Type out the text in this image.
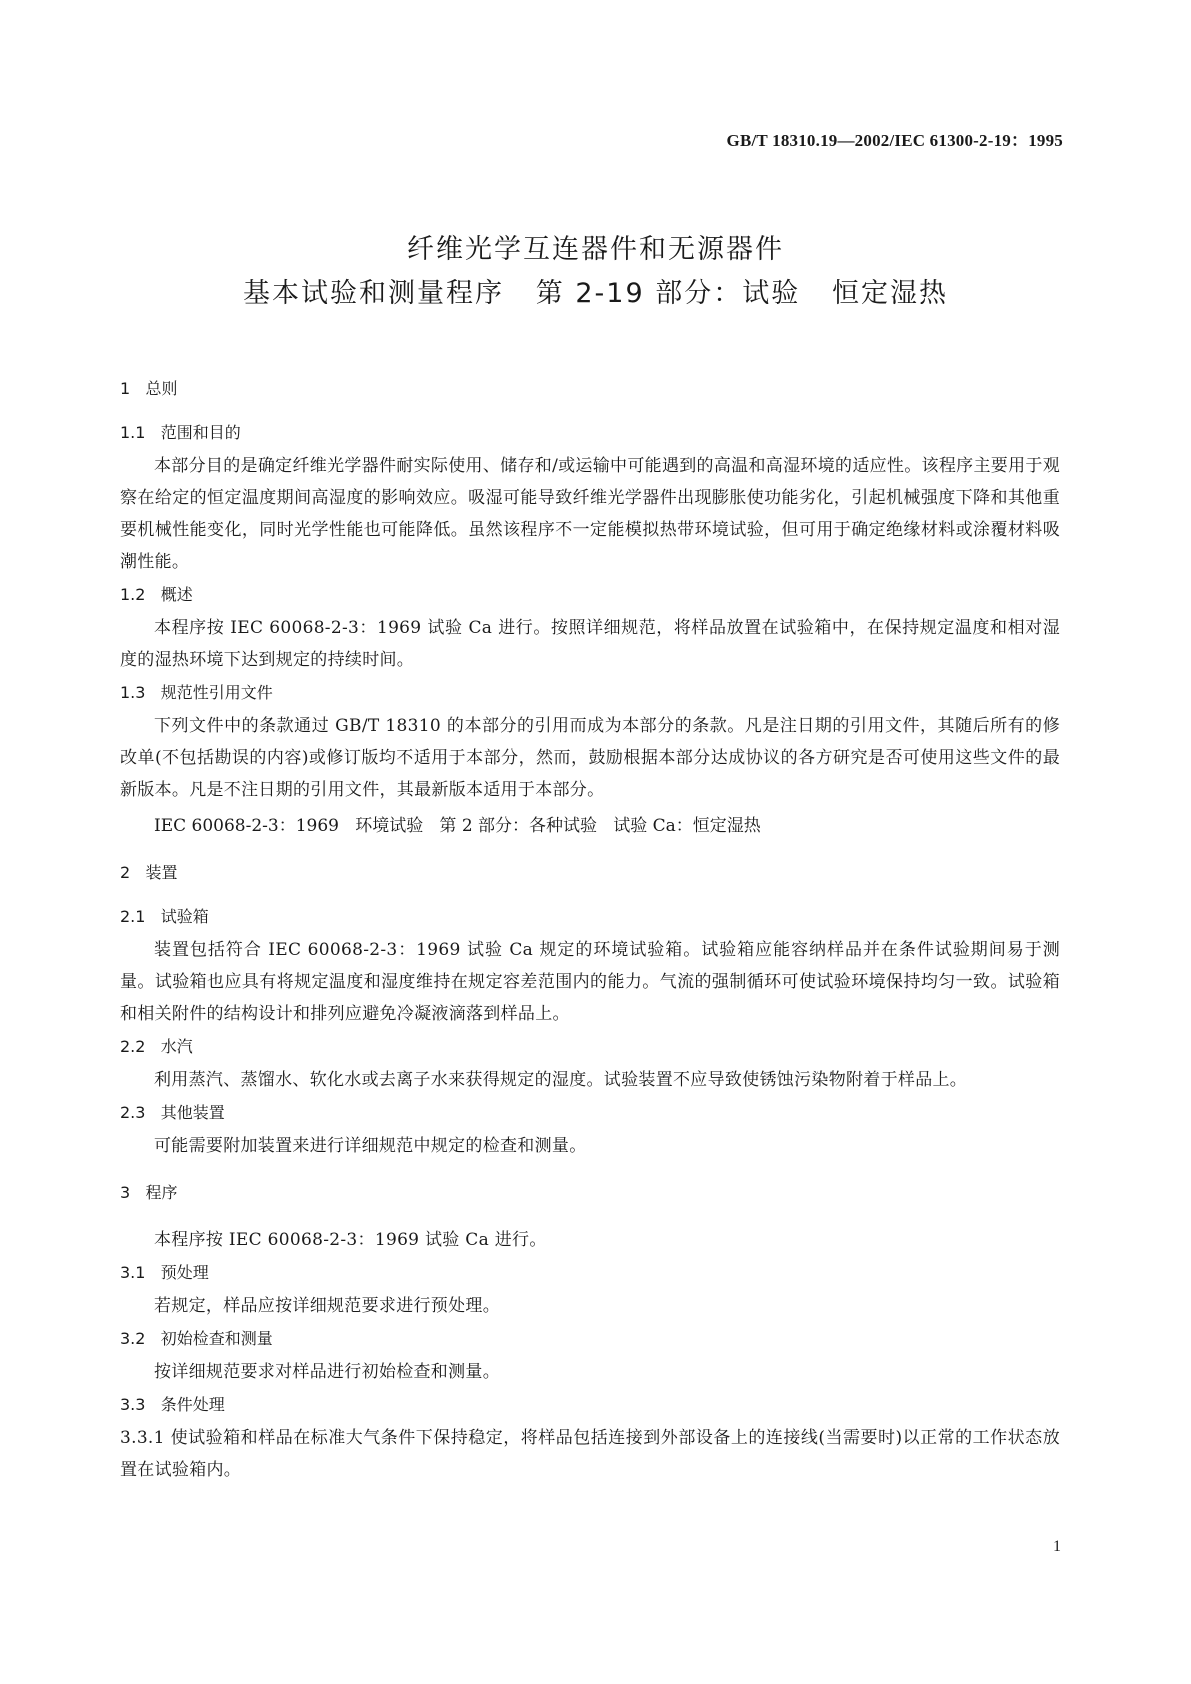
GB/T 18310.19—2002/IEC 61300-2-19：1995
纤维光学互连器件和无源器件
基本试验和测量程序   第 2-19 部分：试验   恒定湿热
1   总则
1.1   范围和目的

本部分目的是确定纤维光学器件耐实际使用、储存和/或运输中可能遇到的高温和高湿环境的适应性。该程序主要用于观察在给定的恒定温度期间高湿度的影响效应。吸湿可能导致纤维光学器件出现膨胀使功能劣化，引起机械强度下降和其他重要机械性能变化，同时光学性能也可能降低。虽然该程序不一定能模拟热带环境试验，但可用于确定绝缘材料或涂覆材料吸潮性能。

1.2   概述

本程序按 IEC 60068-2-3：1969 试验 Ca 进行。按照详细规范，将样品放置在试验箱中，在保持规定温度和相对湿度的湿热环境下达到规定的持续时间。

1.3   规范性引用文件

下列文件中的条款通过 GB/T 18310 的本部分的引用而成为本部分的条款。凡是注日期的引用文件，其随后所有的修改单(不包括勘误的内容)或修订版均不适用于本部分，然而，鼓励根据本部分达成协议的各方研究是否可使用这些文件的最新版本。凡是不注日期的引用文件，其最新版本适用于本部分。

IEC 60068-2-3：1969   环境试验   第 2 部分：各种试验   试验 Ca：恒定湿热
2   装置
2.1   试验箱

装置包括符合 IEC 60068-2-3：1969 试验 Ca 规定的环境试验箱。试验箱应能容纳样品并在条件试验期间易于测量。试验箱也应具有将规定温度和湿度维持在规定容差范围内的能力。气流的强制循环可使试验环境保持均匀一致。试验箱和相关附件的结构设计和排列应避免冷凝液滴落到样品上。

2.2   水汽

利用蒸汽、蒸馏水、软化水或去离子水来获得规定的湿度。试验装置不应导致使锈蚀污染物附着于样品上。

2.3   其他装置

可能需要附加装置来进行详细规范中规定的检查和测量。

3   程序

本程序按 IEC 60068-2-3：1969 试验 Ca 进行。

3.1   预处理

若规定，样品应按详细规范要求进行预处理。

3.2   初始检查和测量

按详细规范要求对样品进行初始检查和测量。

3.3   条件处理

3.3.1 使试验箱和样品在标准大气条件下保持稳定，将样品包括连接到外部设备上的连接线(当需要时)以正常的工作状态放置在试验箱内。

1
